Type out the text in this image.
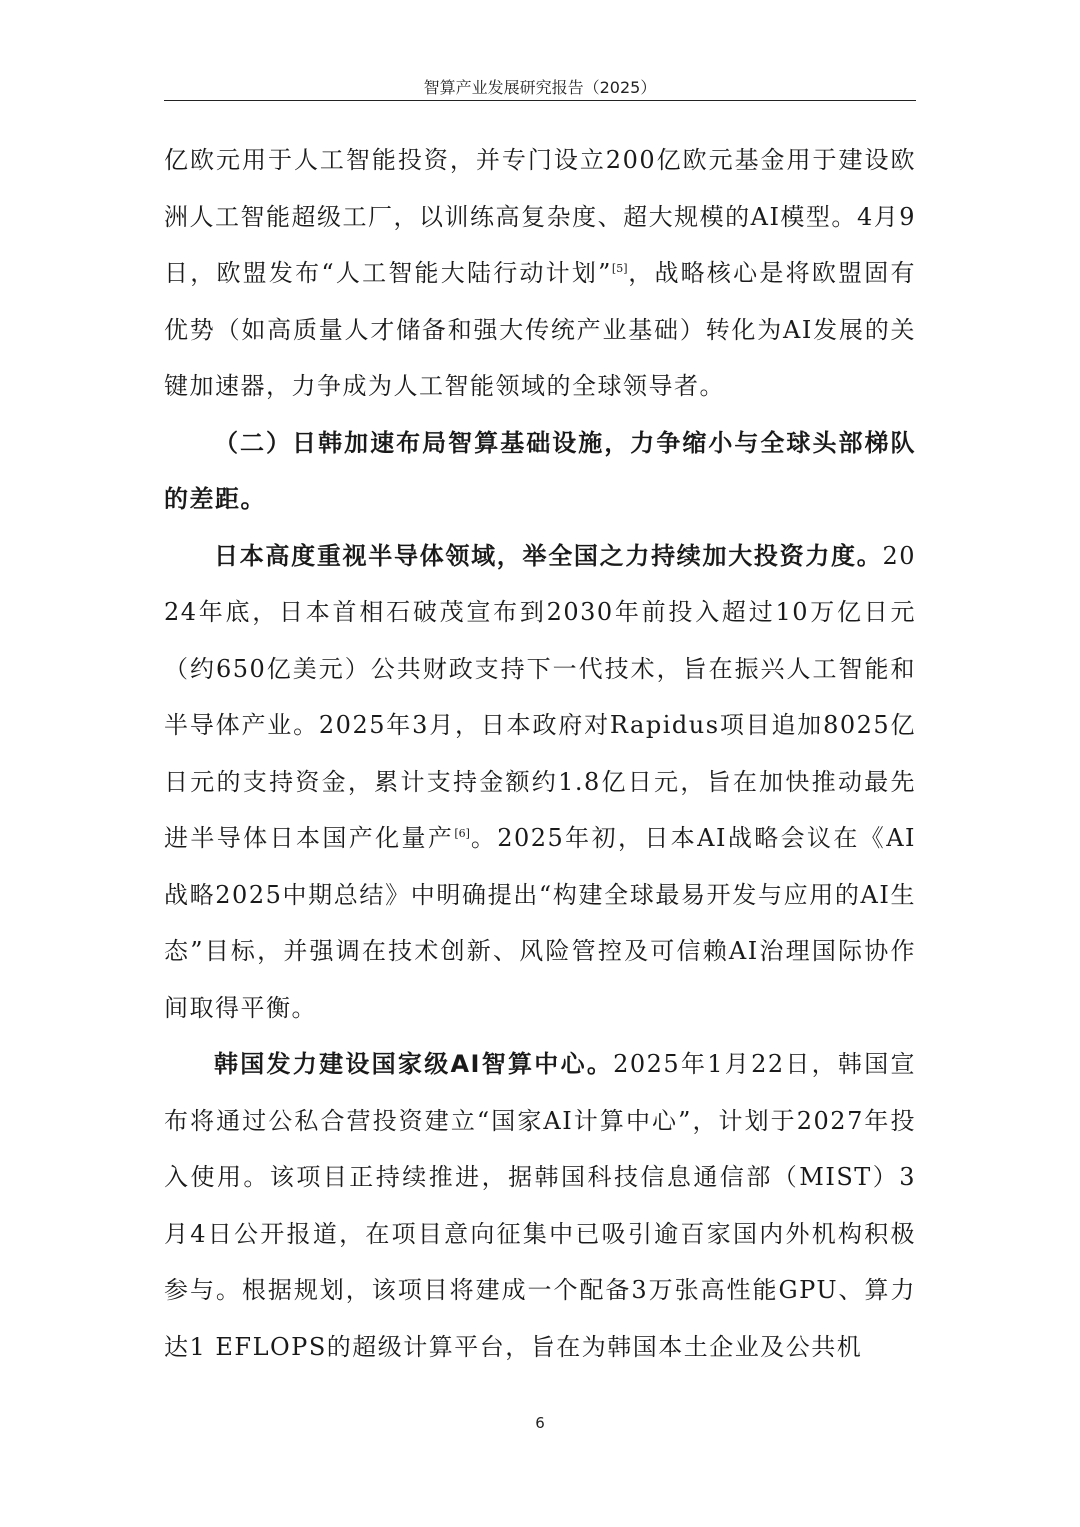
智算产业发展研究报告（2025）

亿欧元用于人工智能投资，并专门设立200亿欧元基金用于建设欧洲人工智能超级工厂，以训练高复杂度、超大规模的AI模型。4月9日，欧盟发布“人工智能大陆行动计划”[5]，战略核心是将欧盟固有优势（如高质量人才储备和强大传统产业基础）转化为AI发展的关键加速器，力争成为人工智能领域的全球领导者。

（二）日韩加速布局智算基础设施，力争缩小与全球头部梯队的差距。

日本高度重视半导体领域，举全国之力持续加大投资力度。2024年底，日本首相石破茂宣布到2030年前投入超过10万亿日元（约650亿美元）公共财政支持下一代技术，旨在振兴人工智能和半导体产业。2025年3月，日本政府对Rapidus项目追加8025亿日元的支持资金，累计支持金额约1.8亿日元，旨在加快推动最先进半导体日本国产化量产[6]。2025年初，日本AI战略会议在《AI战略2025中期总结》中明确提出“构建全球最易开发与应用的AI生态”目标，并强调在技术创新、风险管控及可信赖AI治理国际协作间取得平衡。

韩国发力建设国家级AI智算中心。2025年1月22日，韩国宣布将通过公私合营投资建立“国家AI计算中心”，计划于2027年投入使用。该项目正持续推进，据韩国科技信息通信部（MIST）3月4日公开报道，在项目意向征集中已吸引逾百家国内外机构积极参与。根据规划，该项目将建成一个配备3万张高性能GPU、算力达1 EFLOPS的超级计算平台，旨在为韩国本土企业及公共机

6
